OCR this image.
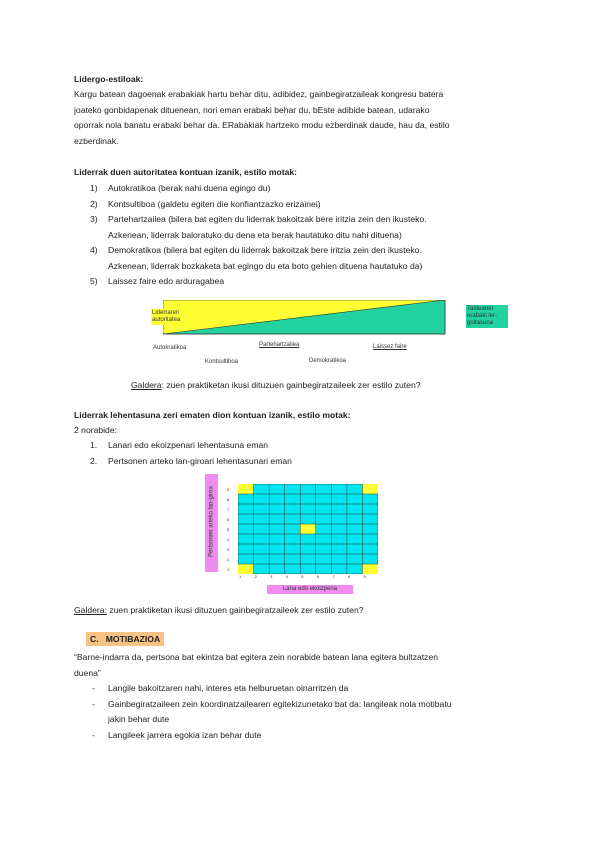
Lidergo-estiloak:
Kargu batean dagoenak erabakiak hartu behar ditu, adibidez, gainbegiratzaileak kongresu batera
joateko gonbidapenak dituenean, nori eman erabaki behar du. bEste adibide batean, udarako
oporrak nola banatu erabaki behar da. ERabakiak hartzeko modu ezberdinak daude, hau da, estilo
ezberdinak.
Liderrak duen autoritatea kontuan izanik, estilo motak:
1) Autokratikoa (berak nahi duena egingo du)
2) Kontsultiboa (galdetu egiten die konfiantzazko erizainei)
3) Partehartzailea (bilera bat egiten du liderrak bakoitzak bere iritzia zein den ikusteko.
Azkenean, liderrak baloratuko du dena eta berak hautatuko ditu nahi dituena)
4) Demokratikoa (bilera bat egiten du liderrak bakoitzak bere iritzia zein den ikusteko.
Azkenean, liderrak bozkaketa bat egingo du eta boto gehien dituena hautatuko da)
5) Laissez faire edo arduragabea
Liderraren autoritatea
Taldearen erabaki ler-goitasuna
Autokratikoa	Partehartzailea	Laissez faire
Kontsultiboa	Demokratikoa
Galdera: zuen praktiketan ikusi dituzuen gainbegiratzaileek zer estilo zuten?
Liderrak lehentasuna zeri ematen dion kontuan izanik, estilo motak:
2 norabide:
1. Lanari edo ekoizpenari lehentasuna eman
2. Pertsonen arteko lan-giroari lehentasunari eman
Pertsonen arteko lan-giroa	9
8
7
6
5
4
3
2
1
1	2	3	4	5	6	7	8	9
Lana edo ekoizpena
Galdera: zuen praktiketan ikusi dituzuen gainbegiratzaileek zer estilo zuten?
C. MOTIBAZIOA
“Barne-indarra da, pertsona bat ekintza bat egitera zein norabide batean lana egitera bultzatzen
duena”
- Langile bakoitzaren nahi, interes eta helburuetan oinarritzen da
- Gainbegiratzaileen zein koordinatzailearen egitekizunetako bat da: langileak nola motibatu
jakin behar dute
- Langileek jarrera egokia izan behar dute
